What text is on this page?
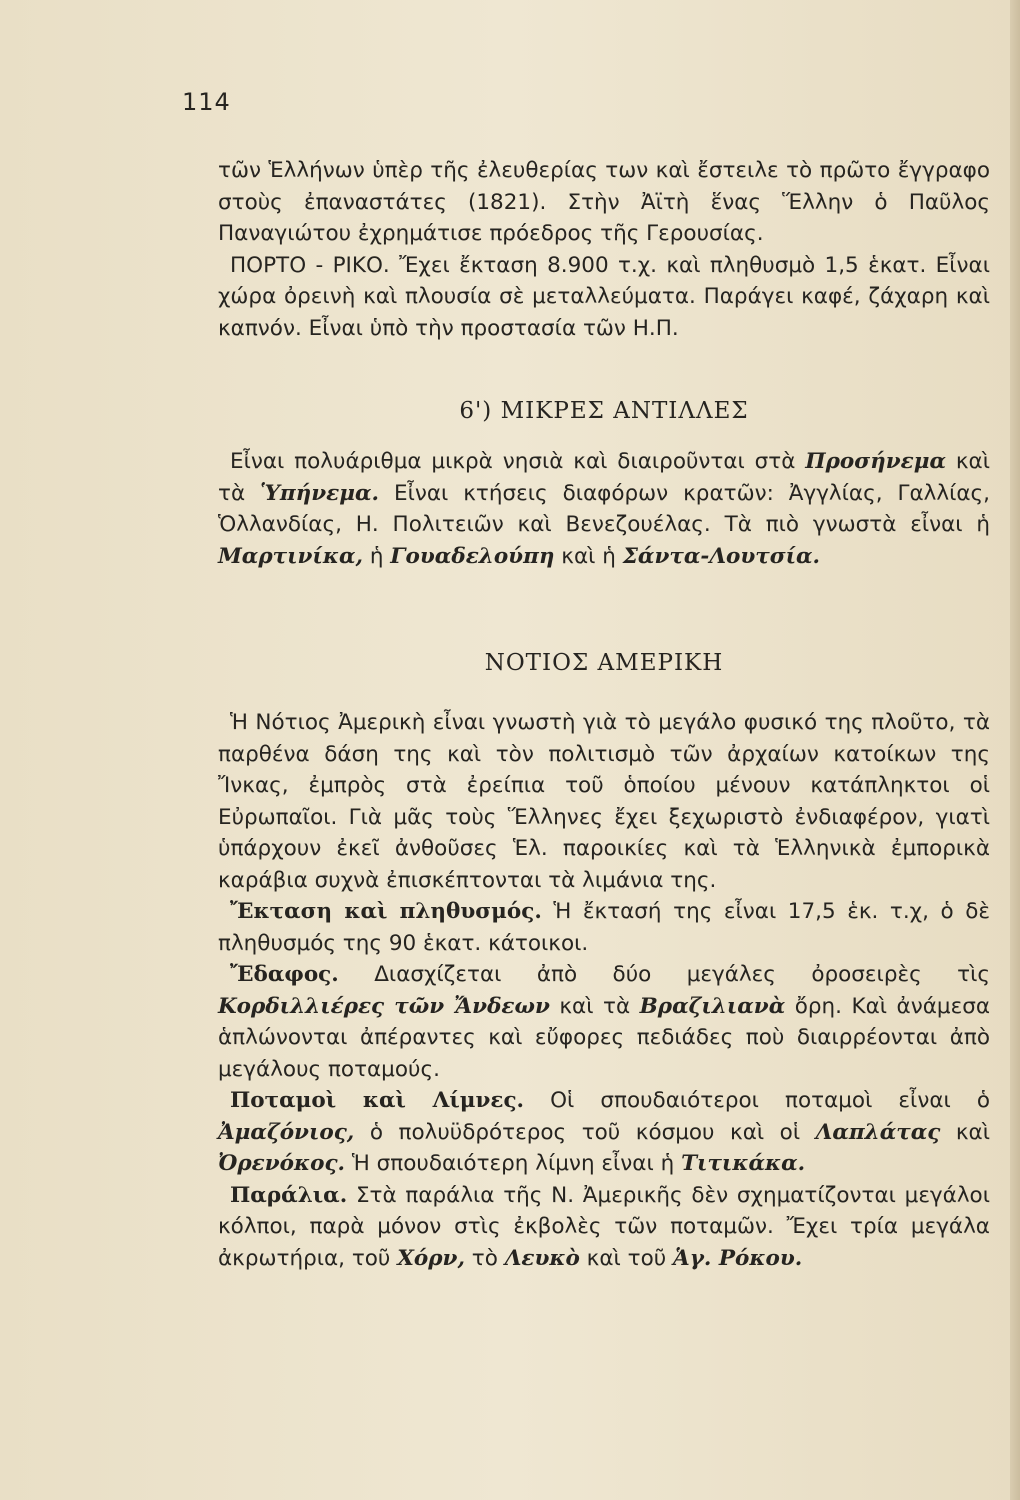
114

τῶν Ἑλλήνων ὑπὲρ τῆς ἐλευθερίας των καὶ ἔστειλε τὸ πρῶτο ἔγγραφο στοὺς ἐπαναστάτες (1821). Στὴν Ἀϊτὴ ἕνας Ἕλλην ὁ Παῦλος Παναγιώτου ἐχρημάτισε πρόεδρος τῆς Γερουσίας.

ΠΟΡΤΟ - ΡΙΚΟ. Ἔχει ἔκταση 8.900 τ.χ. καὶ πληθυσμὸ 1,5 ἑκατ. Εἶναι χώρα ὀρεινὴ καὶ πλουσία σὲ μεταλλεύματα. Παράγει καφέ, ζάχαρη καὶ καπνόν. Εἶναι ὑπὸ τὴν προστασία τῶν Η.Π.

6') ΜΙΚΡΕΣ ΑΝΤΙΛΛΕΣ

Εἶναι πολυάριθμα μικρὰ νησιὰ καὶ διαιροῦνται στὰ Προσήνεμα καὶ τὰ Ὑπήνεμα. Εἶναι κτήσεις διαφόρων κρατῶν: Ἀγγλίας, Γαλλίας, Ὁλλανδίας, Η. Πολιτειῶν καὶ Βενεζουέλας. Τὰ πιὸ γνωστὰ εἶναι ἡ Μαρτινίκα, ἡ Γουαδελούπη καὶ ἡ Σάντα-Λουτσία.

ΝΟΤΙΟΣ ΑΜΕΡΙΚΗ

Ἡ Νότιος Ἀμερικὴ εἶναι γνωστὴ γιὰ τὸ μεγάλο φυσικό της πλοῦτο, τὰ παρθένα δάση της καὶ τὸν πολιτισμὸ τῶν ἀρχαίων κατοίκων της Ἴνκας, ἐμπρὸς στὰ ἐρείπια τοῦ ὁποίου μένουν κατάπληκτοι οἱ Εὐρωπαῖοι. Γιὰ μᾶς τοὺς Ἕλληνες ἔχει ξεχωριστὸ ἐνδιαφέρον, γιατὶ ὑπάρχουν ἐκεῖ ἀνθοῦσες Ἑλ. παροικίες καὶ τὰ Ἑλληνικὰ ἐμπορικὰ καράβια συχνὰ ἐπισκέπτονται τὰ λιμάνια της.

Ἔκταση καὶ πληθυσμός. Ἡ ἔκτασή της εἶναι 17,5 ἑκ. τ.χ, ὁ δὲ πληθυσμός της 90 ἑκατ. κάτοικοι.

Ἔδαφος. Διασχίζεται ἀπὸ δύο μεγάλες ὀροσειρὲς τὶς Κορδιλλιέρες τῶν Ἄνδεων καὶ τὰ Βραζιλιανὰ ὄρη. Καὶ ἀνάμεσα ἁπλώνονται ἀπέραντες καὶ εὔφορες πεδιάδες ποὺ διαιρρέονται ἀπὸ μεγάλους ποταμούς.

Ποταμοὶ καὶ Λίμνες. Οἱ σπουδαιότεροι ποταμοὶ εἶναι ὁ Ἀμαζόνιος, ὁ πολυϋδρότερος τοῦ κόσμου καὶ οἱ Λαπλάτας καὶ Ὀρενόκος. Ἡ σπουδαιότερη λίμνη εἶναι ἡ Τιτικάκα.

Παράλια. Στὰ παράλια τῆς Ν. Ἀμερικῆς δὲν σχηματίζονται μεγάλοι κόλποι, παρὰ μόνον στὶς ἐκβολὲς τῶν ποταμῶν. Ἔχει τρία μεγάλα ἀκρωτήρια, τοῦ Χόρν, τὸ Λευκὸ καὶ τοῦ Ἁγ. Ρόκου.
